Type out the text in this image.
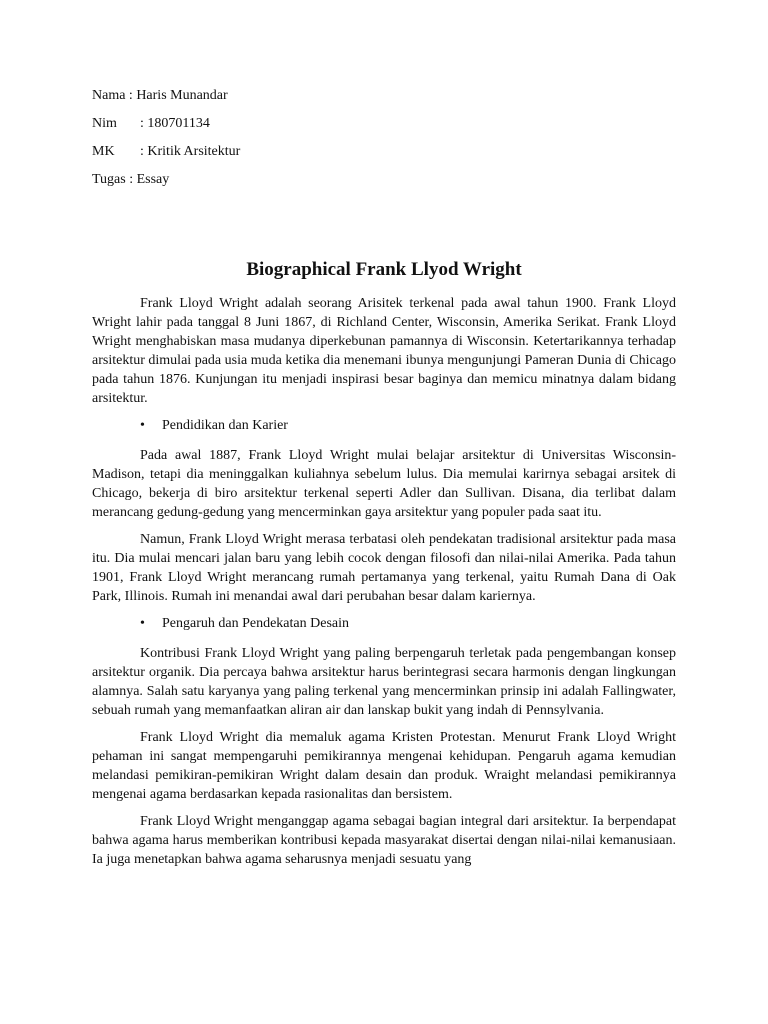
Nama : Haris Munandar
Nim : 180701134
MK : Kritik Arsitektur
Tugas : Essay
Biographical Frank Llyod Wright

Frank Lloyd Wright adalah seorang Arisitek terkenal pada awal tahun 1900. Frank Lloyd Wright lahir pada tanggal 8 Juni 1867, di Richland Center, Wisconsin, Amerika Serikat. Frank Lloyd Wright menghabiskan masa mudanya diperkebunan pamannya di Wisconsin. Ketertarikannya terhadap arsitektur dimulai pada usia muda ketika dia menemani ibunya mengunjungi Pameran Dunia di Chicago pada tahun 1876. Kunjungan itu menjadi inspirasi besar baginya dan memicu minatnya dalam bidang arsitektur.

•	Pendidikan dan Karier

Pada awal 1887, Frank Lloyd Wright mulai belajar arsitektur di Universitas Wisconsin-Madison, tetapi dia meninggalkan kuliahnya sebelum lulus. Dia memulai karirnya sebagai arsitek di Chicago, bekerja di biro arsitektur terkenal seperti Adler dan Sullivan. Disana, dia terlibat dalam merancang gedung-gedung yang mencerminkan gaya arsitektur yang populer pada saat itu.

Namun, Frank Lloyd Wright merasa terbatasi oleh pendekatan tradisional arsitektur pada masa itu. Dia mulai mencari jalan baru yang lebih cocok dengan filosofi dan nilai-nilai Amerika. Pada tahun 1901, Frank Lloyd Wright merancang rumah pertamanya yang terkenal, yaitu Rumah Dana di Oak Park, Illinois. Rumah ini menandai awal dari perubahan besar dalam kariernya.

•	Pengaruh dan Pendekatan Desain

Kontribusi Frank Lloyd Wright yang paling berpengaruh terletak pada pengembangan konsep arsitektur organik. Dia percaya bahwa arsitektur harus berintegrasi secara harmonis dengan lingkungan alamnya. Salah satu karyanya yang paling terkenal yang mencerminkan prinsip ini adalah Fallingwater, sebuah rumah yang memanfaatkan aliran air dan lanskap bukit yang indah di Pennsylvania.

Frank Lloyd Wright dia memaluk agama Kristen Protestan. Menurut Frank Lloyd Wright pehaman ini sangat mempengaruhi pemikirannya mengenai kehidupan. Pengaruh agama kemudian melandasi pemikiran-pemikiran Wright dalam desain dan produk. Wraight melandasi pemikirannya mengenai agama berdasarkan kepada rasionalitas dan bersistem.

Frank Lloyd Wright menganggap agama sebagai bagian integral dari arsitektur. Ia berpendapat bahwa agama harus memberikan kontribusi kepada masyarakat disertai dengan nilai-nilai kemanusiaan. Ia juga menetapkan bahwa agama seharusnya menjadi sesuatu yang
